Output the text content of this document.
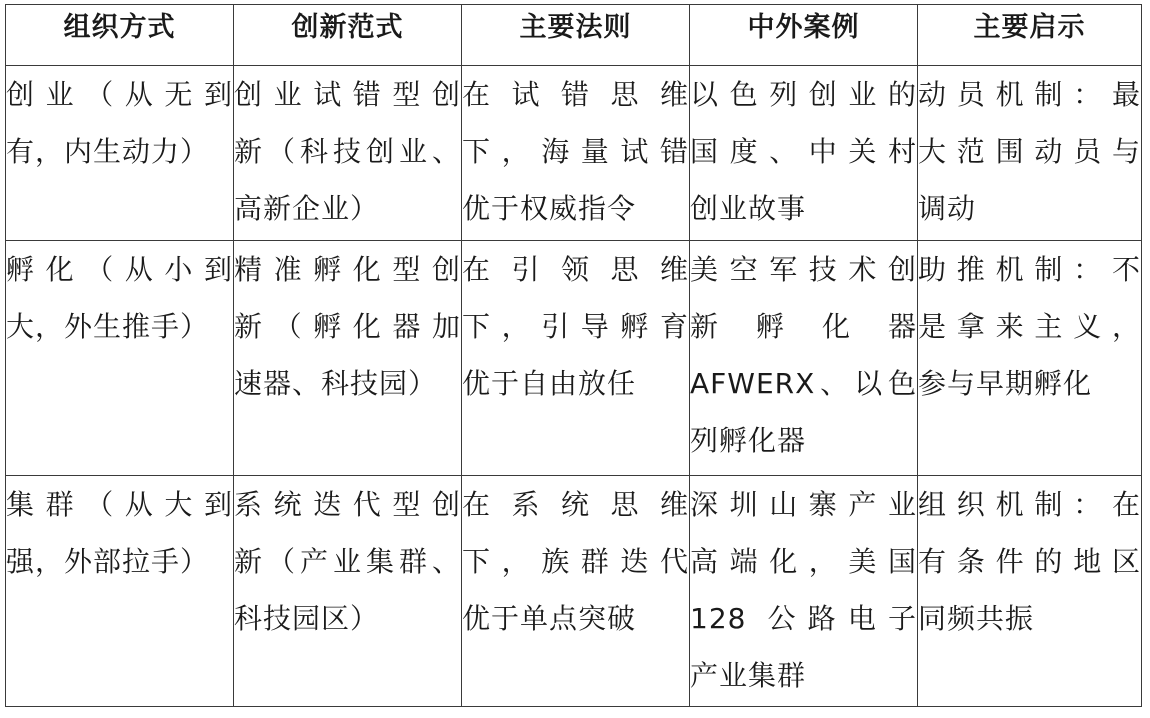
组织方式	创新范式	主要法则	中外案例	主要启示

创业（从无到
有，内生动力）	创业试错型创
新（科技创业、
高新企业）	在试错思维
下，海量试错
优于权威指令	以色列创业的
国度、中关村
创业故事	动员机制：最
大范围动员与
调动

孵化（从小到
大，外生推手）	精准孵化型创
新（孵化器加
速器、科技园）	在引领思维
下，引导孵育
优于自由放任	美空军技术创
新孵化器
AFWERX、以色
列孵化器	助推机制：不
是拿来主义，
参与早期孵化

集群（从大到
强，外部拉手）	系统迭代型创
新（产业集群、
科技园区）	在系统思维
下，族群迭代
优于单点突破	深圳山寨产业
高端化，美国
128 公路电子
产业集群	组织机制：在
有条件的地区
同频共振
